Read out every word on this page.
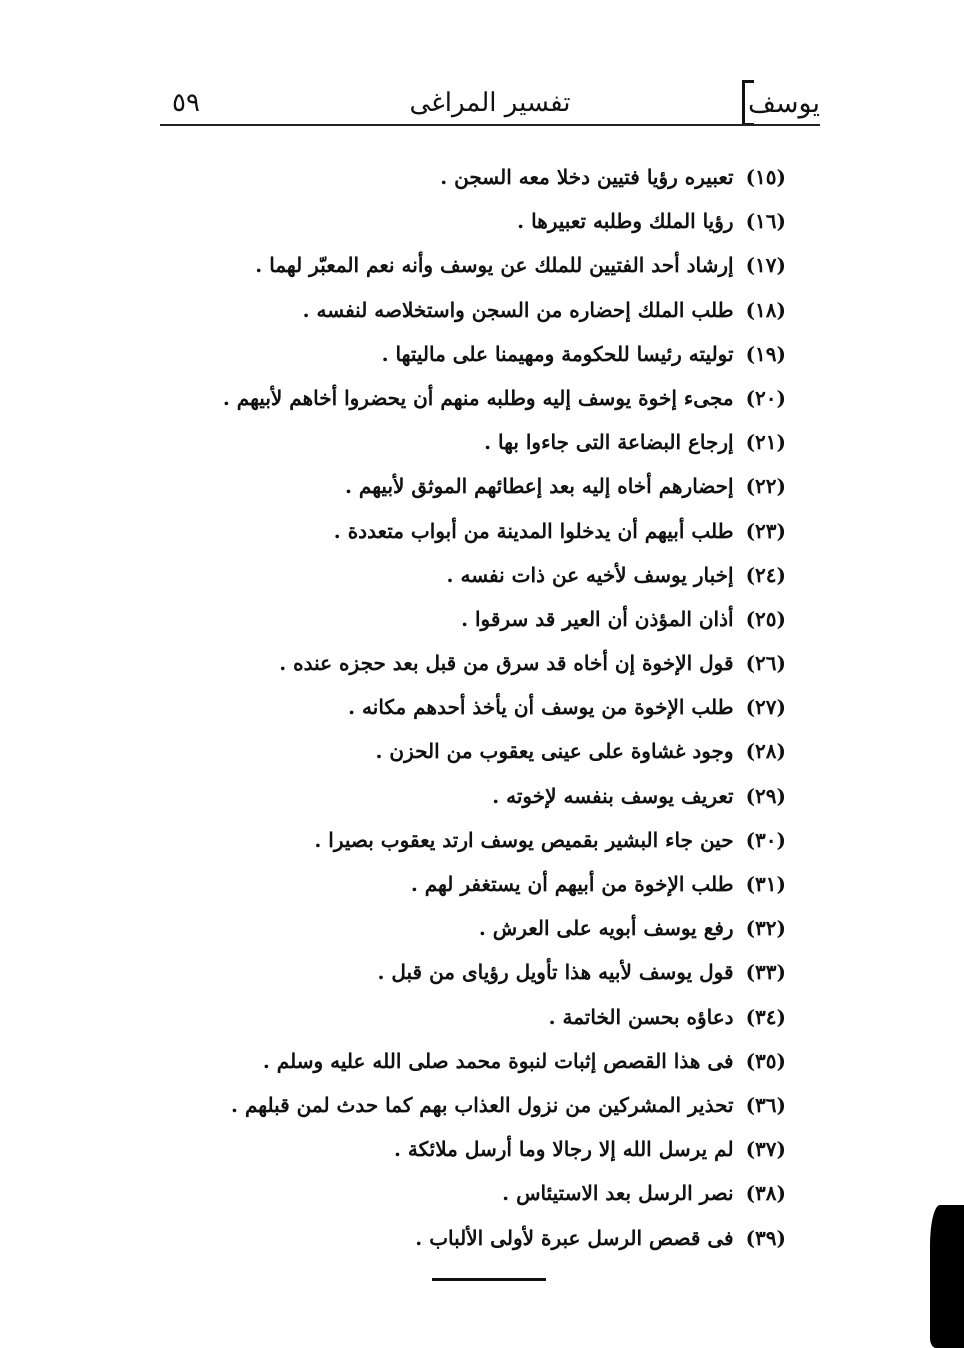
يوسف
تفسير المراغى
٥٩
(١٥)تعبيره رؤيا فتيين دخلا معه السجن .
(١٦)رؤيا الملك وطلبه تعبيرها .
(١٧)إرشاد أحد الفتيين للملك عن يوسف وأنه نعم المعبّر لهما .
(١٨)طلب الملك إحضاره من السجن واستخلاصه لنفسه .
(١٩)توليته رئيسا للحكومة ومهيمنا على ماليتها .
(٢٠)مجىء إخوة يوسف إليه وطلبه منهم أن يحضروا أخاهم لأبيهم .
(٢١)إرجاع البضاعة التى جاءوا بها .
(٢٢)إحضارهم أخاه إليه بعد إعطائهم الموثق لأبيهم .
(٢٣)طلب أبيهم أن يدخلوا المدينة من أبواب متعددة .
(٢٤)إخبار يوسف لأخيه عن ذات نفسه .
(٢٥)أذان المؤذن أن العير قد سرقوا .
(٢٦)قول الإخوة إن أخاه قد سرق من قبل بعد حجزه عنده .
(٢٧)طلب الإخوة من يوسف أن يأخذ أحدهم مكانه .
(٢٨)وجود غشاوة على عينى يعقوب من الحزن .
(٢٩)تعريف يوسف بنفسه لإخوته .
(٣٠)حين جاء البشير بقميص يوسف ارتد يعقوب بصيرا .
(٣١)طلب الإخوة من أبيهم أن يستغفر لهم .
(٣٢)رفع يوسف أبويه على العرش .
(٣٣)قول يوسف لأبيه هذا تأويل رؤياى من قبل .
(٣٤)دعاؤه بحسن الخاتمة .
(٣٥)فى هذا القصص إثبات لنبوة محمد صلى الله عليه وسلم .
(٣٦)تحذير المشركين من نزول العذاب بهم كما حدث لمن قبلهم .
(٣٧)لم يرسل الله إلا رجالا وما أرسل ملائكة .
(٣٨)نصر الرسل بعد الاستيئاس .
(٣٩)فى قصص الرسل عبرة لأولى الألباب .
